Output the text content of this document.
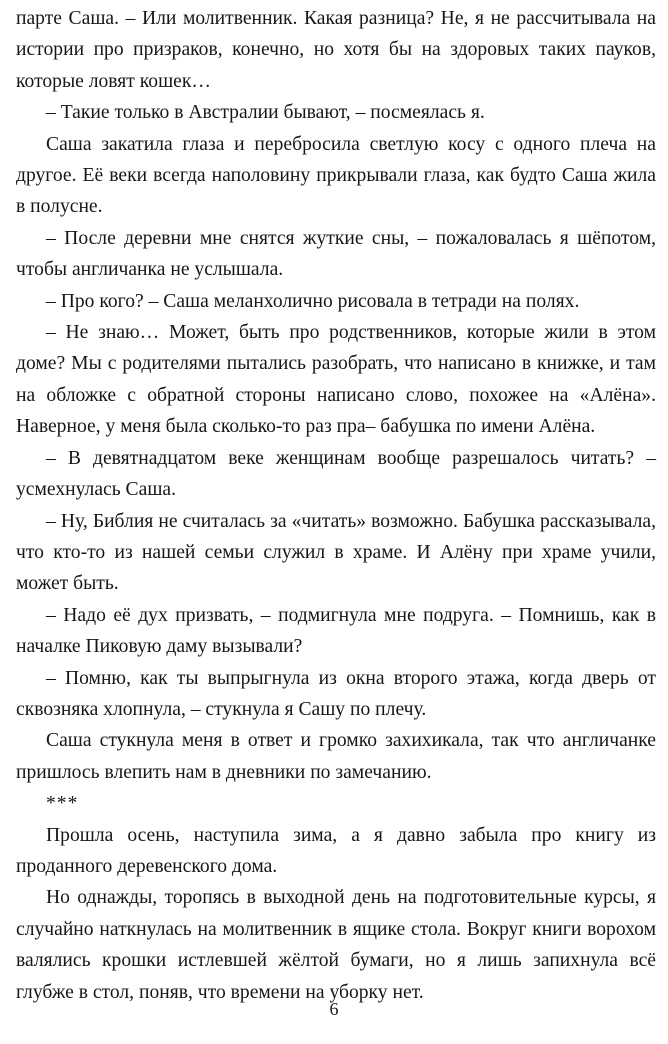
парте Саша. – Или молитвенник. Какая разница? Не, я не рассчитывала на истории про призраков, конечно, но хотя бы на здоровых таких пауков, которые ловят кошек…

– Такие только в Австралии бывают, – посмеялась я.

Саша закатила глаза и перебросила светлую косу с одного плеча на другое. Её веки всегда наполовину прикрывали глаза, как будто Саша жила в полусне.

– После деревни мне снятся жуткие сны, – пожаловалась я шёпотом, чтобы англичанка не услышала.

– Про кого? – Саша меланхолично рисовала в тетради на полях.

– Не знаю… Может, быть про родственников, которые жили в этом доме? Мы с родителями пытались разобрать, что написано в книжке, и там на обложке с обратной стороны написано слово, похожее на «Алёна». Наверное, у меня была сколько-то раз пра– бабушка по имени Алёна.

– В девятнадцатом веке женщинам вообще разрешалось читать? – усмехнулась Саша.

– Ну, Библия не считалась за «читать» возможно. Бабушка рассказывала, что кто-то из нашей семьи служил в храме. И Алёну при храме учили, может быть.

– Надо её дух призвать, – подмигнула мне подруга. – Помнишь, как в началке Пиковую даму вызывали?

– Помню, как ты выпрыгнула из окна второго этажа, когда дверь от сквозняка хлопнула, – стукнула я Сашу по плечу.

Саша стукнула меня в ответ и громко захихикала, так что англичанке пришлось влепить нам в дневники по замечанию.

***

Прошла осень, наступила зима, а я давно забыла про книгу из проданного деревенского дома.

Но однажды, торопясь в выходной день на подготовительные курсы, я случайно наткнулась на молитвенник в ящике стола. Вокруг книги ворохом валялись крошки истлевшей жёлтой бумаги, но я лишь запихнула всё глубже в стол, поняв, что времени на уборку нет.

6
